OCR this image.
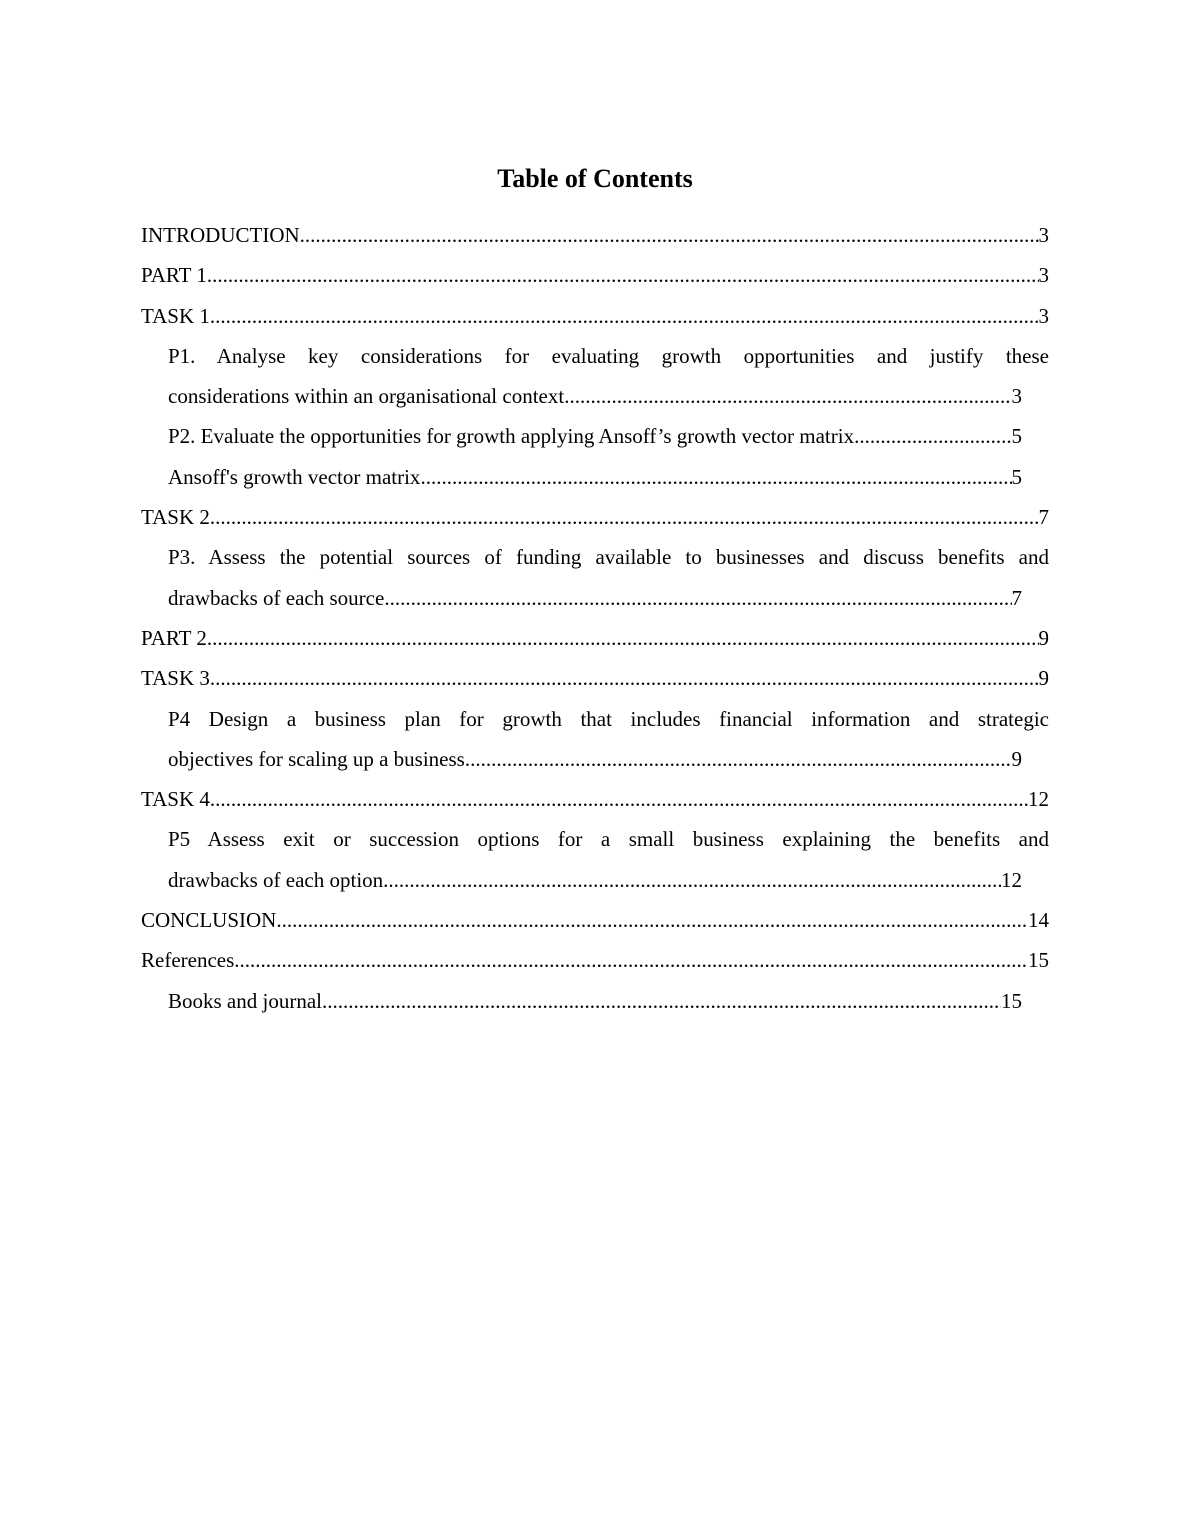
Table of Contents
INTRODUCTION .....	3
PART 1 .....	3
TASK 1 .....	3
P1. Analyse key considerations for evaluating growth opportunities and justify these
considerations within an organisational context .....	3
P2. Evaluate the opportunities for growth applying Ansoff’s growth vector matrix .....	5
Ansoff's growth vector matrix .....	5
TASK 2 .....	7
P3. Assess the potential sources of funding available to businesses and discuss benefits and
drawbacks of each source .....	7
PART 2 .....	9
TASK 3 .....	9
P4 Design a business plan for growth that includes financial information and strategic
objectives for scaling up a business .....	9
TASK 4 .....	12
P5 Assess exit or succession options for a small business explaining the benefits and
drawbacks of each option .....	12
CONCLUSION .....	14
References .....	15
Books and journal .....	15
